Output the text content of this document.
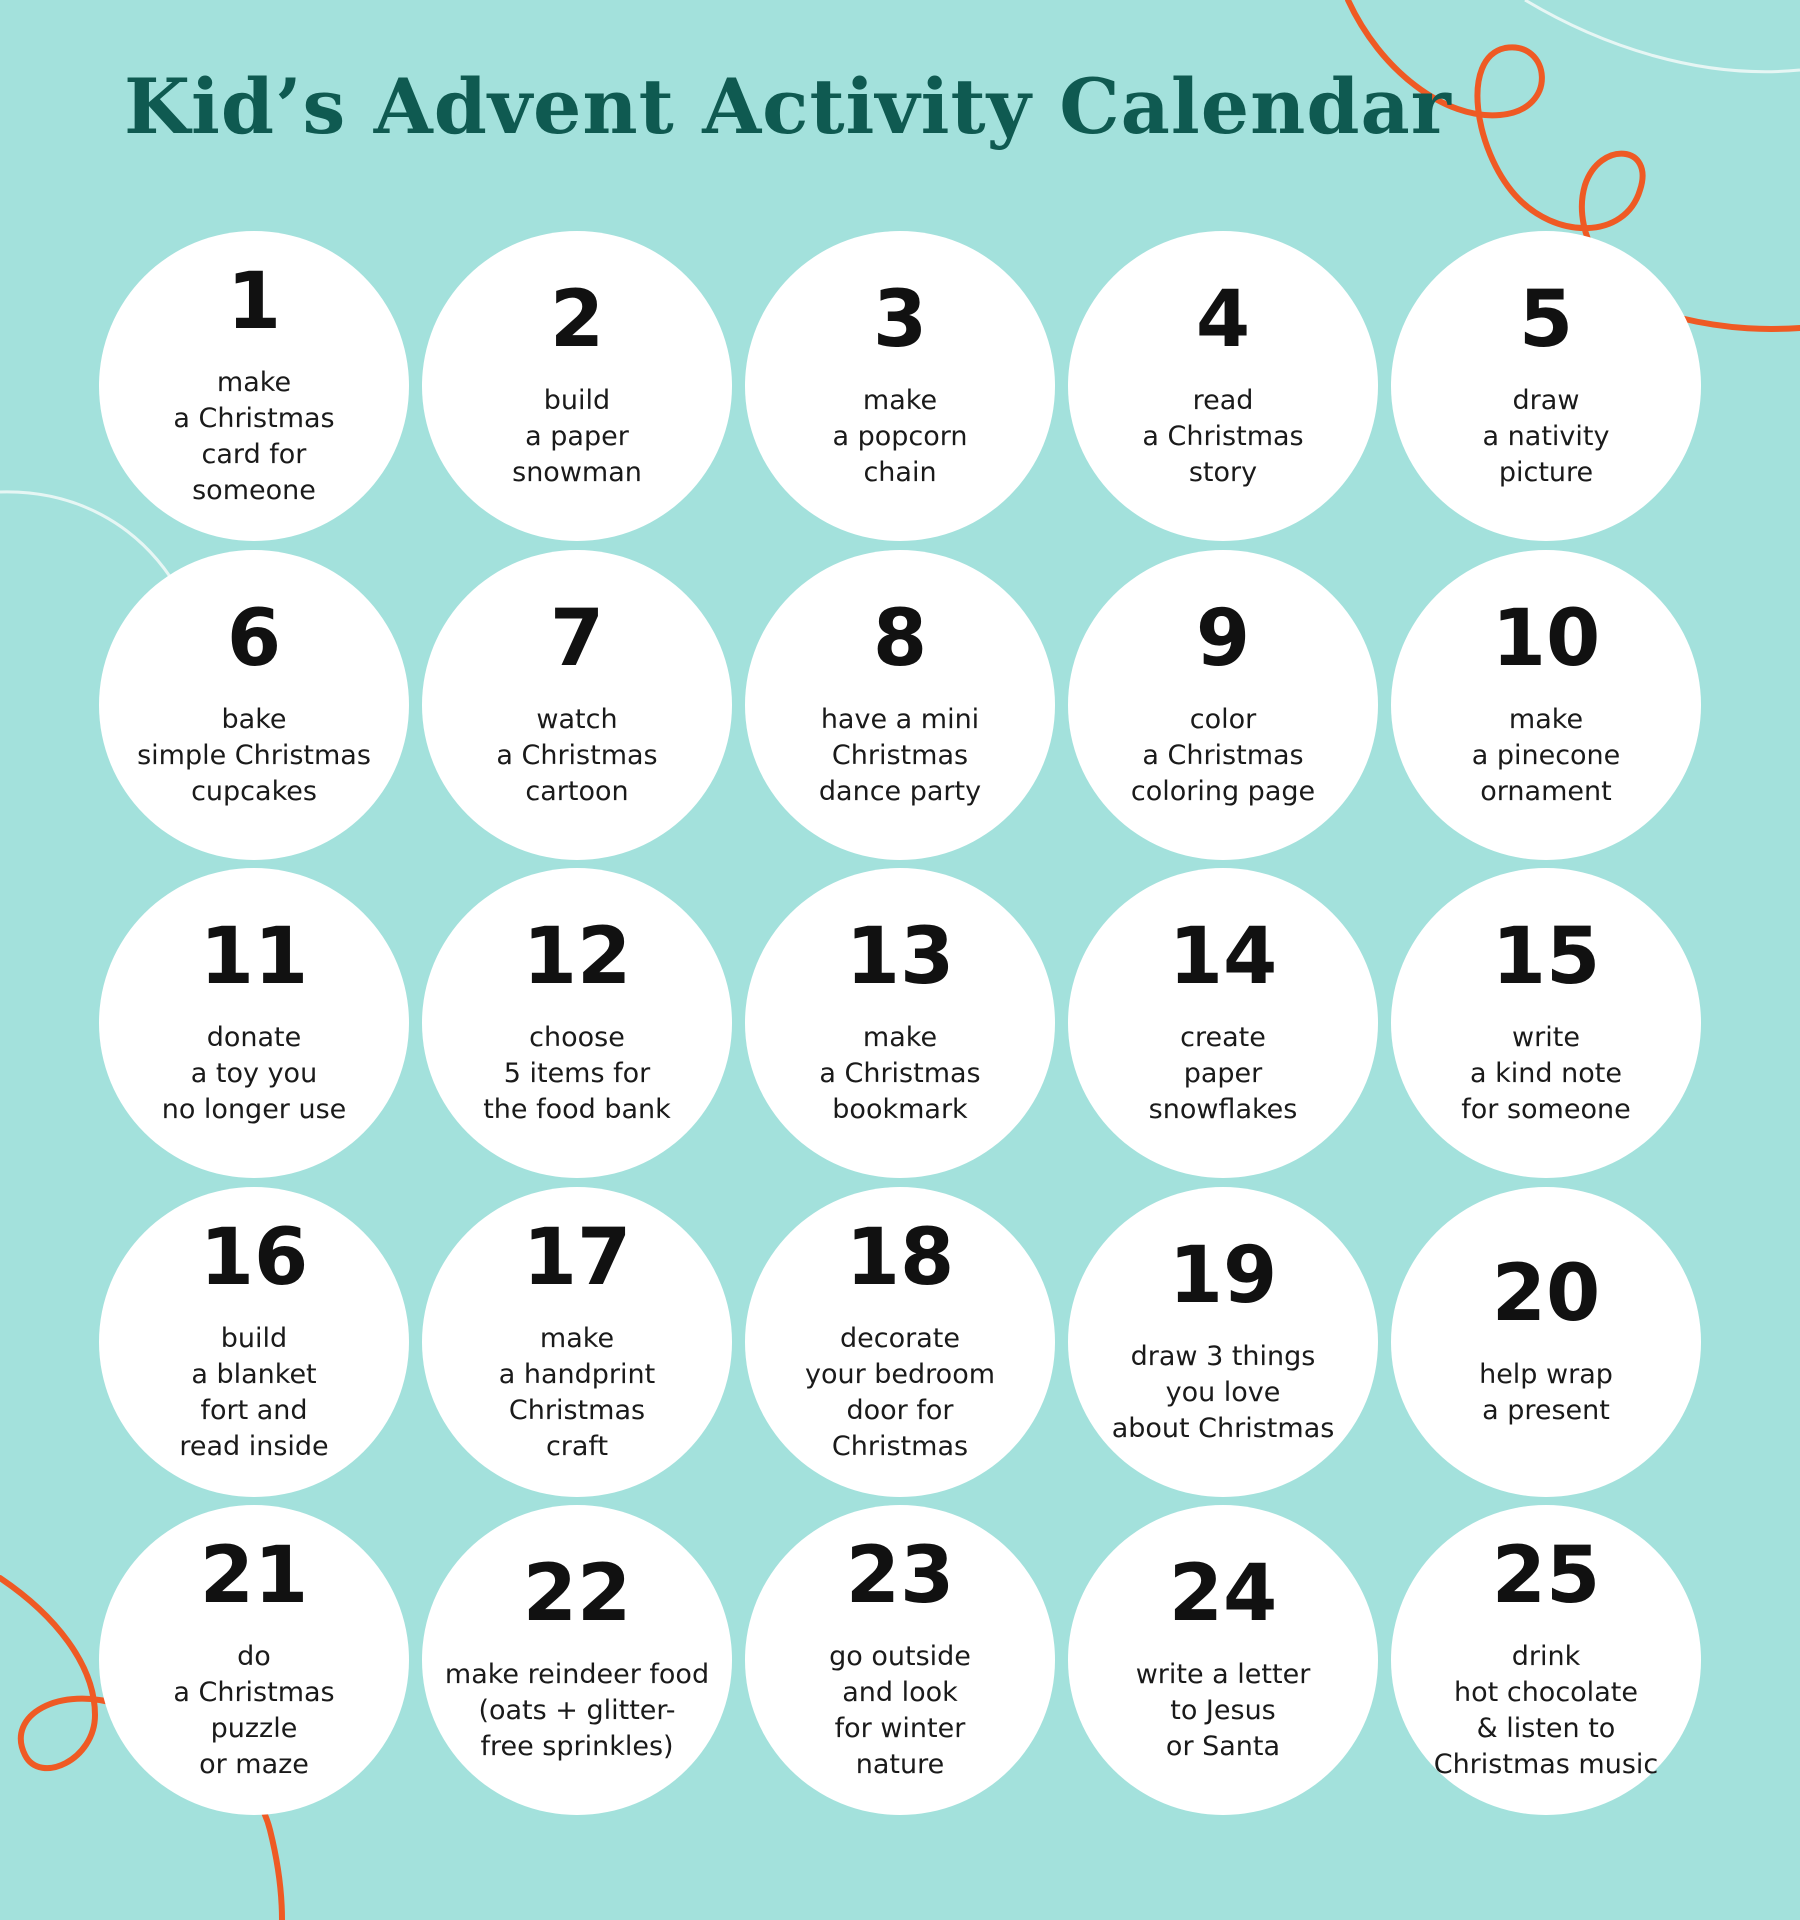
Kid’s Advent Activity Calendar
1
make
a Christmas
card for
someone
2
build
a paper
snowman
3
make
a popcorn
chain
4
read
a Christmas
story
5
draw
a nativity
picture
6
bake
simple Christmas
cupcakes
7
watch
a Christmas
cartoon
8
have a mini
Christmas
dance party
9
color
a Christmas
coloring page
10
make
a pinecone
ornament
11
donate
a toy you
no longer use
12
choose
5 items for
the food bank
13
make
a Christmas
bookmark
14
create
paper
snowflakes
15
write
a kind note
for someone
16
build
a blanket
fort and
read inside
17
make
a handprint
Christmas
craft
18
decorate
your bedroom
door for
Christmas
19
draw 3 things
you love
about Christmas
20
help wrap
a present
21
do
a Christmas
puzzle
or maze
22
make reindeer food
(oats + glitter-
free sprinkles)
23
go outside
and look
for winter
nature
24
write a letter
to Jesus
or Santa
25
drink
hot chocolate
& listen to
Christmas music
